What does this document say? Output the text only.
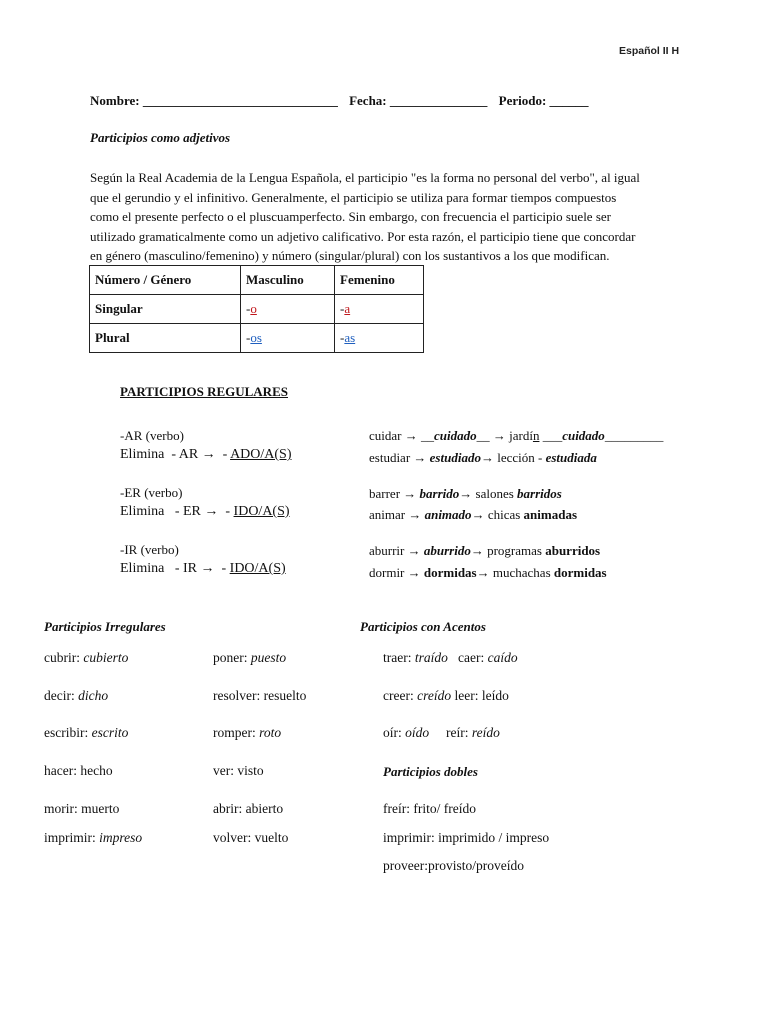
Español II H
Nombre: ______________________________ Fecha: _______________ Periodo: ______
Participios como adjetivos
Según la Real Academia de la Lengua Española, el participio "es la forma no personal del verbo", al igual
que el gerundio y el infinitivo. Generalmente, el participio se utiliza para formar tiempos compuestos
como el presente perfecto o el pluscuamperfecto. Sin embargo, con frecuencia el participio suele ser
utilizado gramaticalmente como un adjetivo calificativo. Por esta razón, el participio tiene que concordar
en género (masculino/femenino) y número (singular/plural) con los sustantivos a los que modifican.
Número / Género	Masculino	Femenino
Singular	-o	-a
Plural	-os	-as
PARTICIPIOS REGULARES
-AR (verbo)
Elimina  - AR →  - ADO/A(S)
cuidar → __cuidado__ → jardín ___cuidado_________
estudiar → estudiado→ lección - estudiada
-ER (verbo)
Elimina   - ER →  - IDO/A(S)
barrer → barrido→ salones barridos
animar → animado→ chicas animadas
-IR (verbo)
Elimina   - IR →  - IDO/A(S)
aburrir → aburrido→ programas aburridos
dormir → dormidas→ muchachas dormidas
Participios Irregulares
cubrir: cubierto
decir: dicho
escribir: escrito
hacer: hecho
morir: muerto
imprimir: impreso
poner: puesto
resolver: resuelto
romper: roto
ver: visto
abrir: abierto
volver: vuelto
Participios con Acentos
traer: traído   caer: caído
creer: creído leer: leído
oír: oído     reír: reído
Participios dobles
freír: frito/ freído
imprimir: imprimido / impreso
proveer:provisto/proveído
